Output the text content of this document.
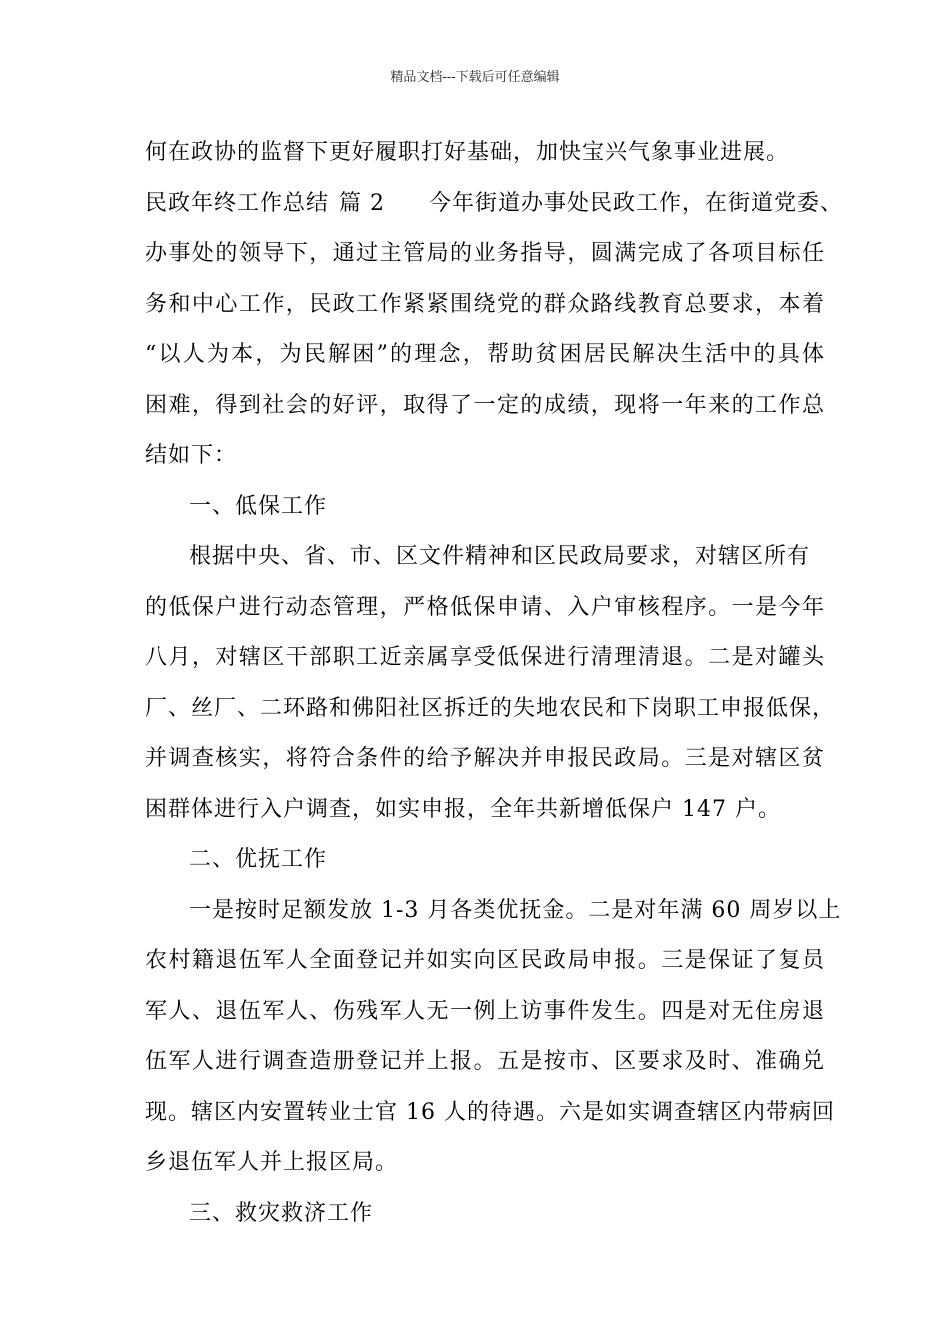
精品文档---下载后可任意编辑
何在政协的监督下更好履职打好基础，加快宝兴气象事业进展。
民政年终工作总结 篇 2 今年街道办事处民政工作，在街道党委、
办事处的领导下，通过主管局的业务指导，圆满完成了各项目标任
务和中心工作，民政工作紧紧围绕党的群众路线教育总要求，本着
“以人为本，为民解困”的理念，帮助贫困居民解决生活中的具体
困难，得到社会的好评，取得了一定的成绩，现将一年来的工作总
结如下：
一、低保工作
根据中央、省、市、区文件精神和区民政局要求，对辖区所有
的低保户进行动态管理，严格低保申请、入户审核程序。一是今年
八月，对辖区干部职工近亲属享受低保进行清理清退。二是对罐头
厂、丝厂、二环路和佛阳社区拆迁的失地农民和下岗职工申报低保，
并调查核实，将符合条件的给予解决并申报民政局。三是对辖区贫
困群体进行入户调查，如实申报，全年共新增低保户 147 户。
二、优抚工作
一是按时足额发放 1-3 月各类优抚金。二是对年满 60 周岁以上
农村籍退伍军人全面登记并如实向区民政局申报。三是保证了复员
军人、退伍军人、伤残军人无一例上访事件发生。四是对无住房退
伍军人进行调查造册登记并上报。五是按市、区要求及时、准确兑
现。辖区内安置转业士官 16 人的待遇。六是如实调查辖区内带病回
乡退伍军人并上报区局。
三、救灾救济工作
